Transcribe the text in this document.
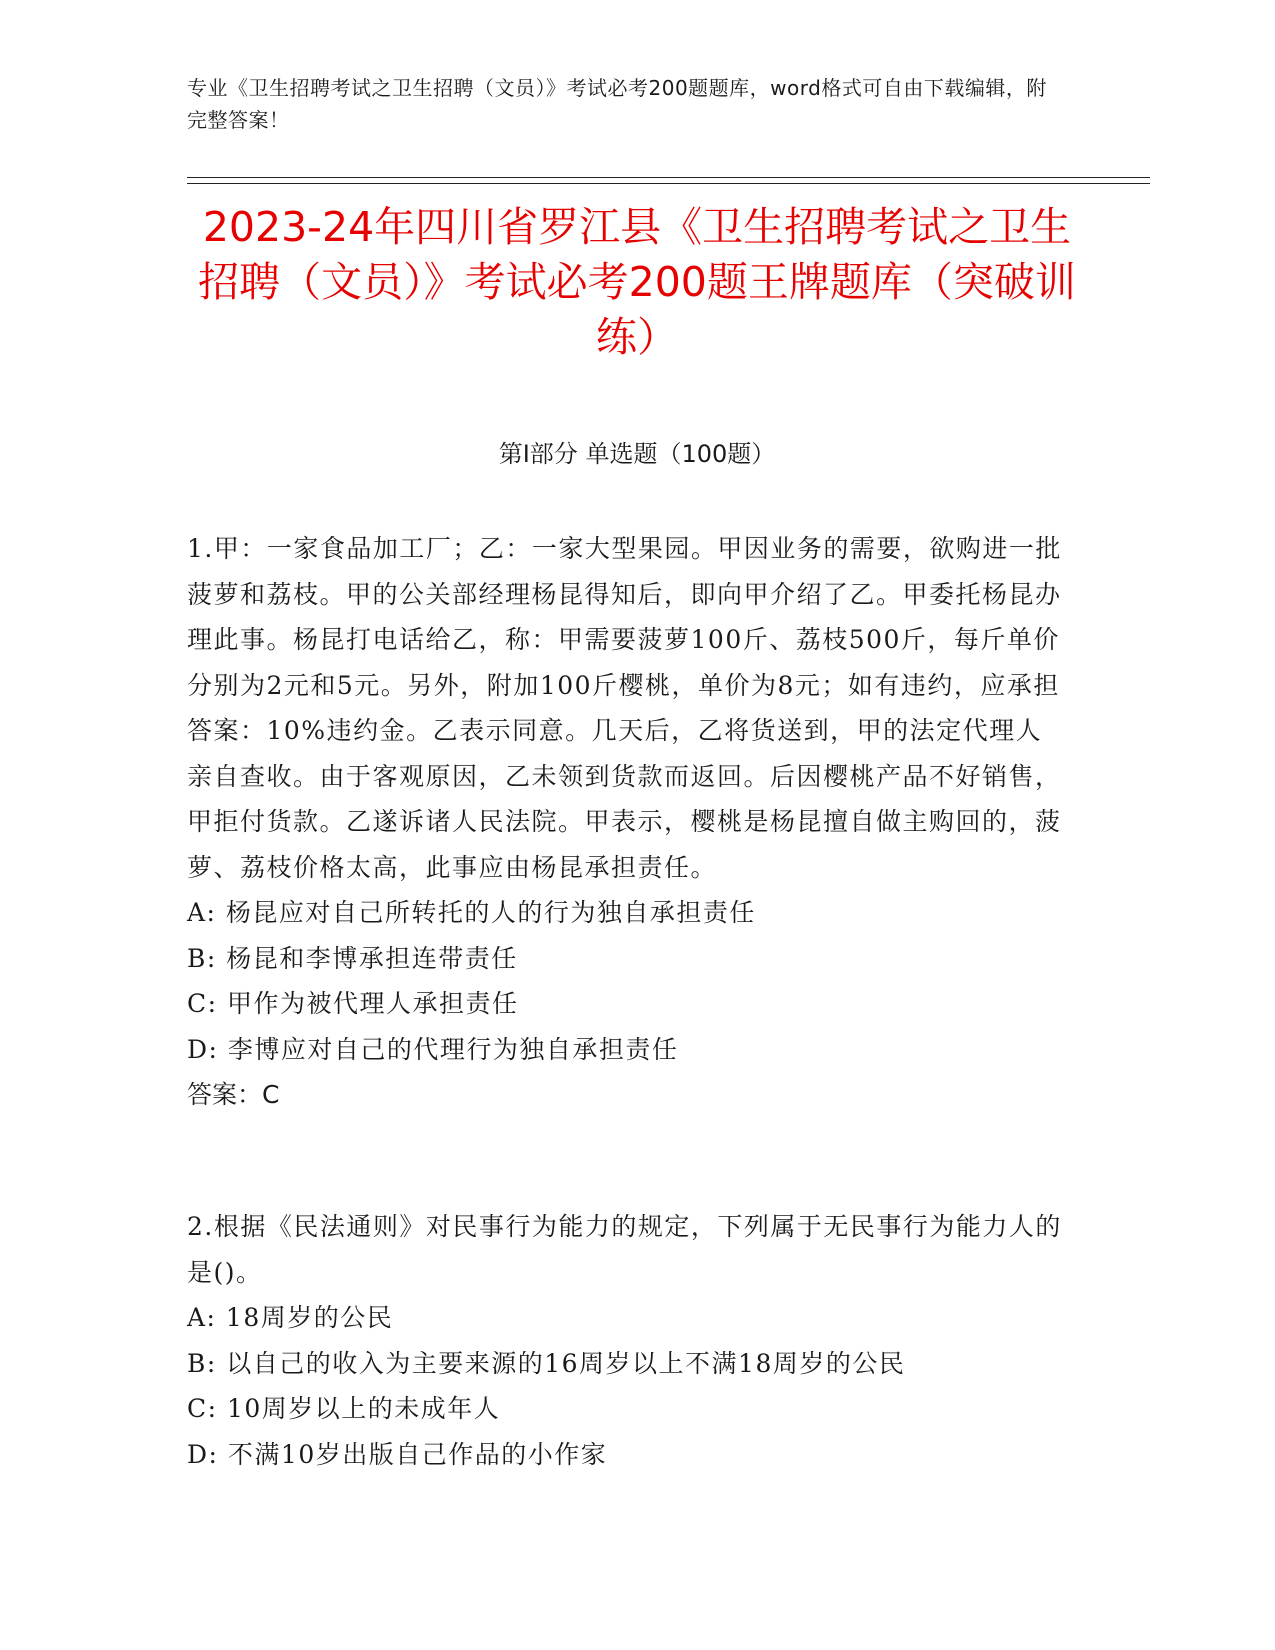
专业《卫生招聘考试之卫生招聘（文员）》考试必考200题题库，word格式可自由下载编辑，附完整答案！
2023-24年四川省罗江县《卫生招聘考试之卫生招聘（文员）》考试必考200题王牌题库（突破训练）
第I部分 单选题（100题）

1.甲：一家食品加工厂；乙：一家大型果园。甲因业务的需要，欲购进一批菠萝和荔枝。甲的公关部经理杨昆得知后，即向甲介绍了乙。甲委托杨昆办理此事。杨昆打电话给乙，称：甲需要菠萝100斤、荔枝500斤，每斤单价分别为2元和5元。另外，附加100斤樱桃，单价为8元；如有违约，应承担答案：10%违约金。乙表示同意。几天后，乙将货送到，甲的法定代理人亲自查收。由于客观原因，乙未领到货款而返回。后因樱桃产品不好销售，甲拒付货款。乙遂诉诸人民法院。甲表示，樱桃是杨昆擅自做主购回的，菠萝、荔枝价格太高，此事应由杨昆承担责任。

A: 杨昆应对自己所转托的人的行为独自承担责任
B: 杨昆和李博承担连带责任
C: 甲作为被代理人承担责任
D: 李博应对自己的代理行为独自承担责任
答案：C

2.根据《民法通则》对民事行为能力的规定，下列属于无民事行为能力人的是()。

A: 18周岁的公民
B: 以自己的收入为主要来源的16周岁以上不满18周岁的公民
C: 10周岁以上的未成年人
D: 不满10岁出版自己作品的小作家
